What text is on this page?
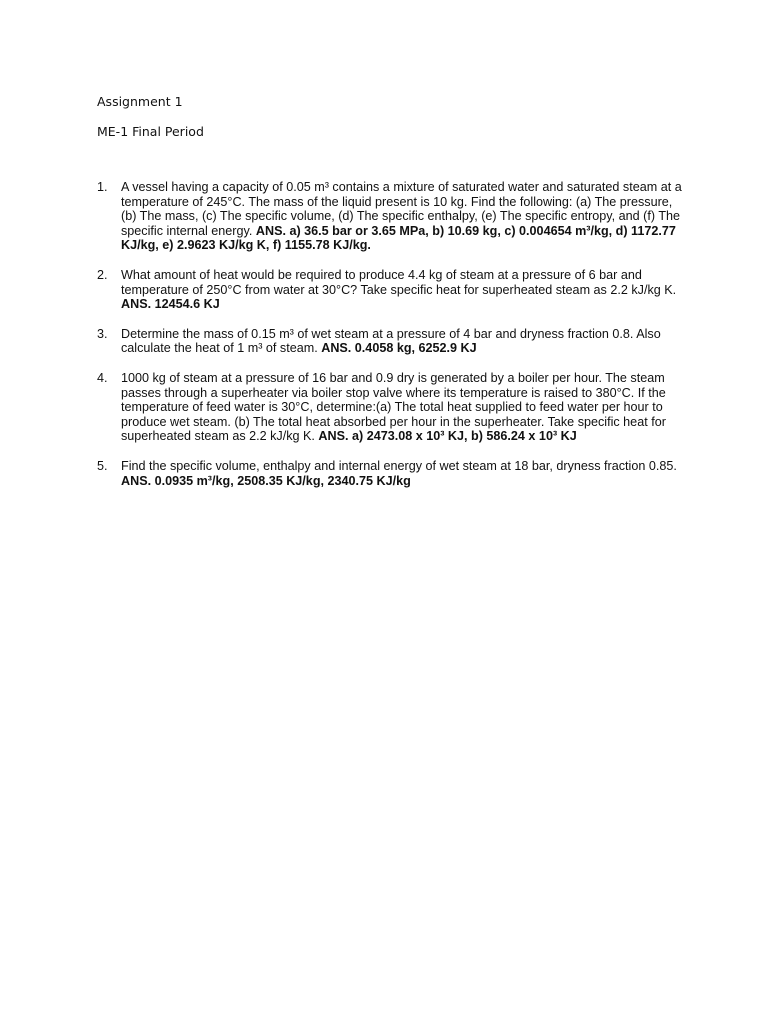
Assignment 1
ME-1 Final Period
1. A vessel having a capacity of 0.05 m³ contains a mixture of saturated water and saturated steam at a temperature of 245°C. The mass of the liquid present is 10 kg. Find the following: (a) The pressure, (b) The mass, (c) The specific volume, (d) The specific enthalpy, (e) The specific entropy, and (f) The specific internal energy. ANS. a) 36.5 bar or 3.65 MPa, b) 10.69 kg, c) 0.004654 m³/kg, d) 1172.77 KJ/kg, e) 2.9623 KJ/kg K, f) 1155.78 KJ/kg.
2. What amount of heat would be required to produce 4.4 kg of steam at a pressure of 6 bar and temperature of 250°C from water at 30°C? Take specific heat for superheated steam as 2.2 kJ/kg K. ANS. 12454.6 KJ
3. Determine the mass of 0.15 m³ of wet steam at a pressure of 4 bar and dryness fraction 0.8. Also calculate the heat of 1 m³ of steam. ANS. 0.4058 kg, 6252.9 KJ
4. 1000 kg of steam at a pressure of 16 bar and 0.9 dry is generated by a boiler per hour. The steam passes through a superheater via boiler stop valve where its temperature is raised to 380°C. If the temperature of feed water is 30°C, determine:(a) The total heat supplied to feed water per hour to produce wet steam. (b) The total heat absorbed per hour in the superheater. Take specific heat for superheated steam as 2.2 kJ/kg K. ANS. a) 2473.08 x 10³ KJ, b) 586.24 x 10³ KJ
5. Find the specific volume, enthalpy and internal energy of wet steam at 18 bar, dryness fraction 0.85.
ANS. 0.0935 m³/kg, 2508.35 KJ/kg, 2340.75 KJ/kg
